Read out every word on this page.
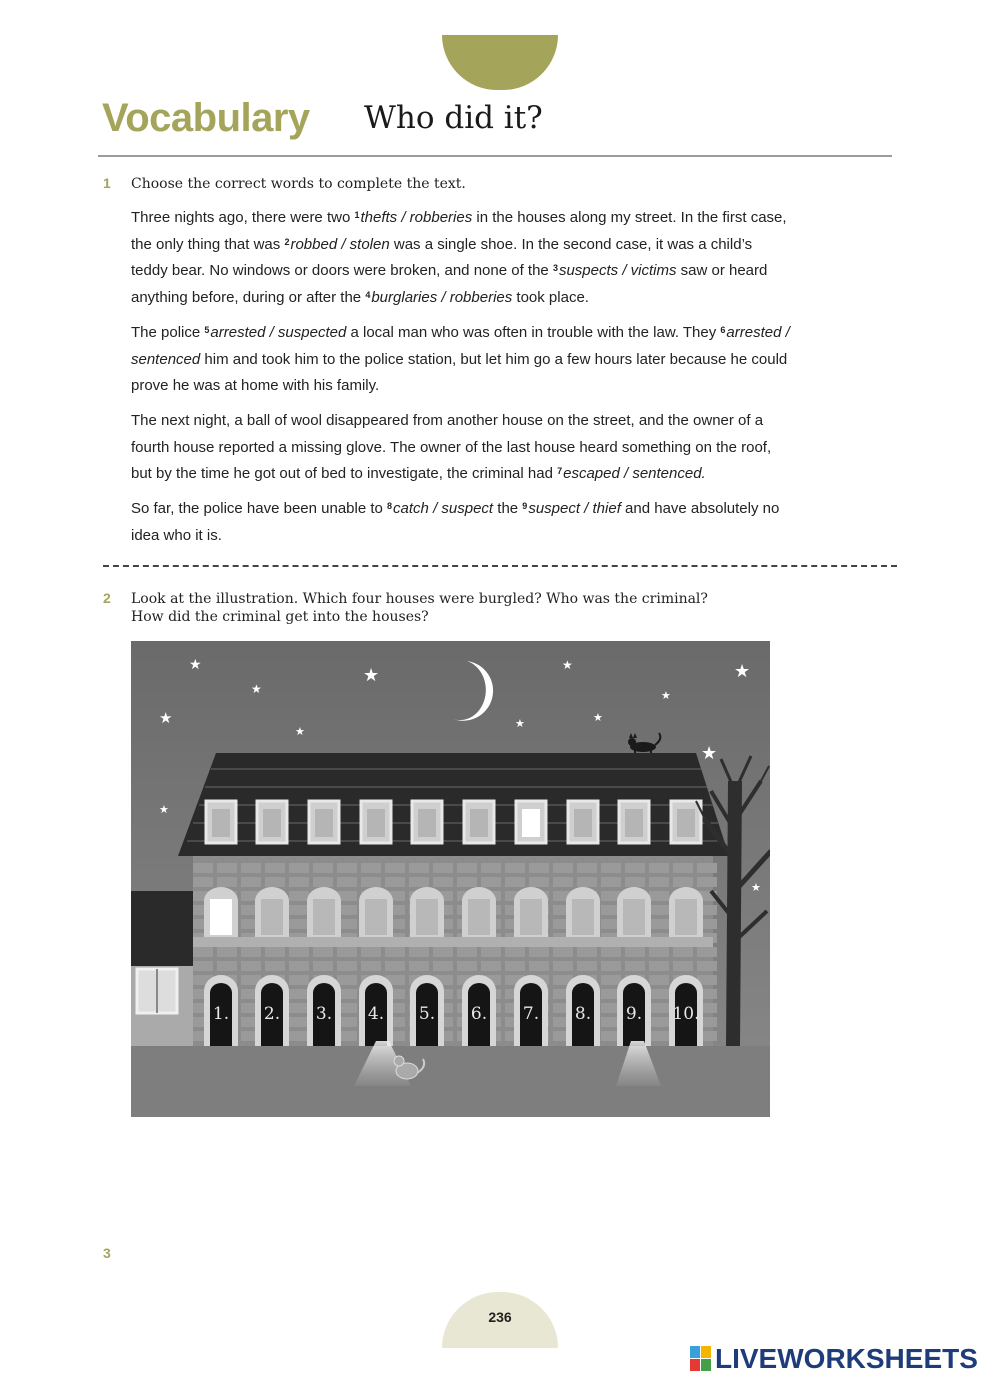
Vocabulary Who did it?
1 Choose the correct words to complete the text.

Three nights ago, there were two $^1$thefts / robberies in the houses along my street. In the first case, the only thing that was $^2$robbed / stolen was a single shoe. In the second case, it was a child’s teddy bear. No windows or doors were broken, and none of the $^3$suspects / victims saw or heard anything before, during or after the $^4$burglaries / robberies took place.

The police $^5$arrested / suspected a local man who was often in trouble with the law. They $^6$arrested / sentenced him and took him to the police station, but let him go a few hours later because he could prove he was at home with his family.

The next night, a ball of wool disappeared from another house on the street, and the owner of a fourth house reported a missing glove. The owner of the last house heard something on the roof, but by the time he got out of bed to investigate, the criminal had $^7$escaped / sentenced.

So far, the police have been unable to $^8$catch / suspect the $^9$suspect / thief and have absolutely no idea who it is.

2 Look at the illustration. Which four houses were burgled? Who was the criminal?
How did the criminal get into the houses?
★
★
★
★
★
★
★
★
★
★
★
★
★
1. 2. 3. 4. 5. 6. 7. 8. 9. 10.
3
236
LIVEWORKSHEETS
